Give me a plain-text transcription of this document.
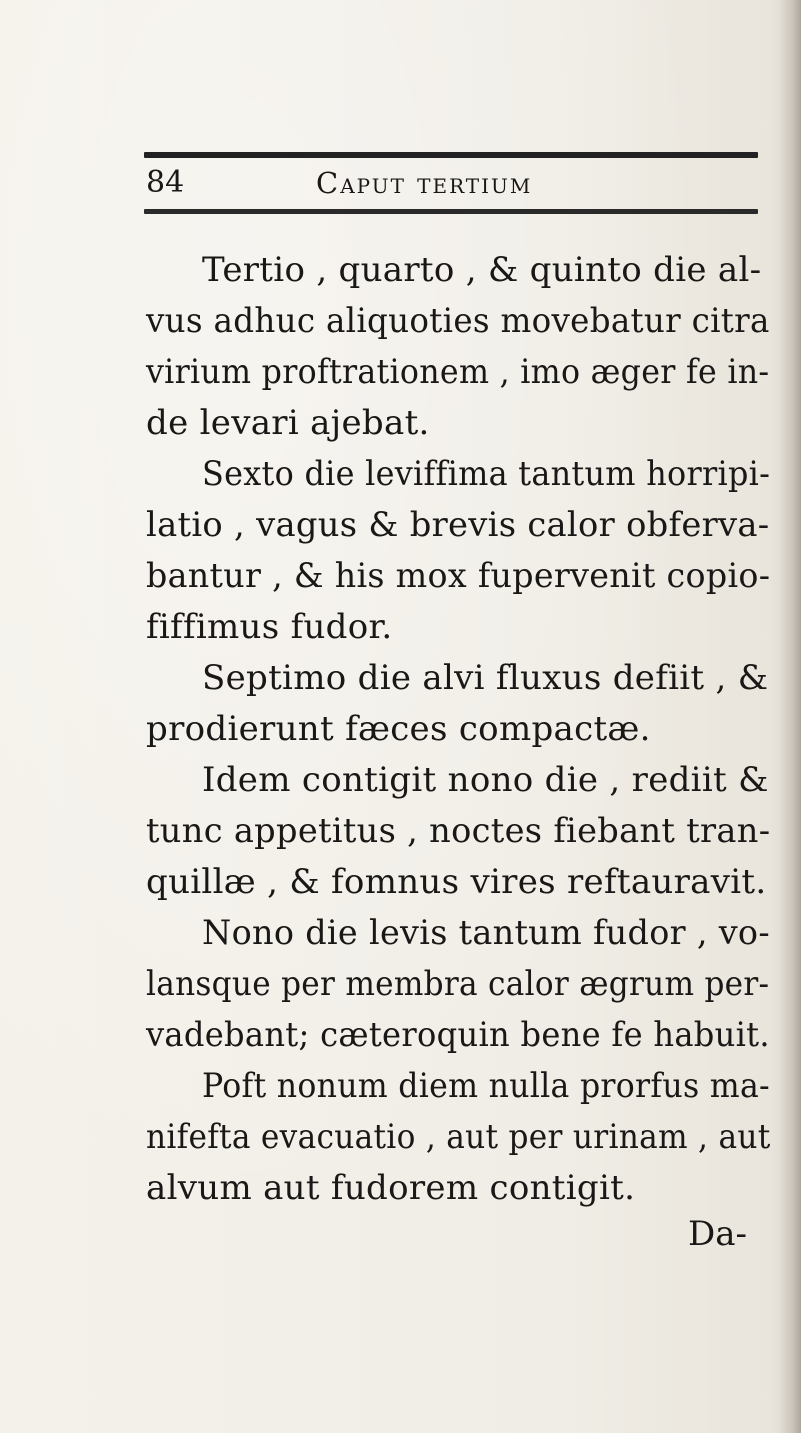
84	Caput tertium
Tertio , quarto , & quinto die al-
vus adhuc aliquoties movebatur citra
virium proftrationem , imo æger fe in-
de levari ajebat.
Sexto die leviffima tantum horripi-
latio , vagus & brevis calor obferva-
bantur , & his mox fupervenit copio-
fiffimus fudor.
Septimo die alvi fluxus defiit , &
prodierunt fæces compactæ.
Idem contigit nono die , rediit &
tunc appetitus , noctes fiebant tran-
quillæ , & fomnus vires reftauravit.
Nono die levis tantum fudor , vo-
lansque per membra calor ægrum per-
vadebant; cæteroquin bene fe habuit.
Poft nonum diem nulla prorfus ma-
nifefta evacuatio , aut per urinam , aut
alvum aut fudorem contigit.
Da-
